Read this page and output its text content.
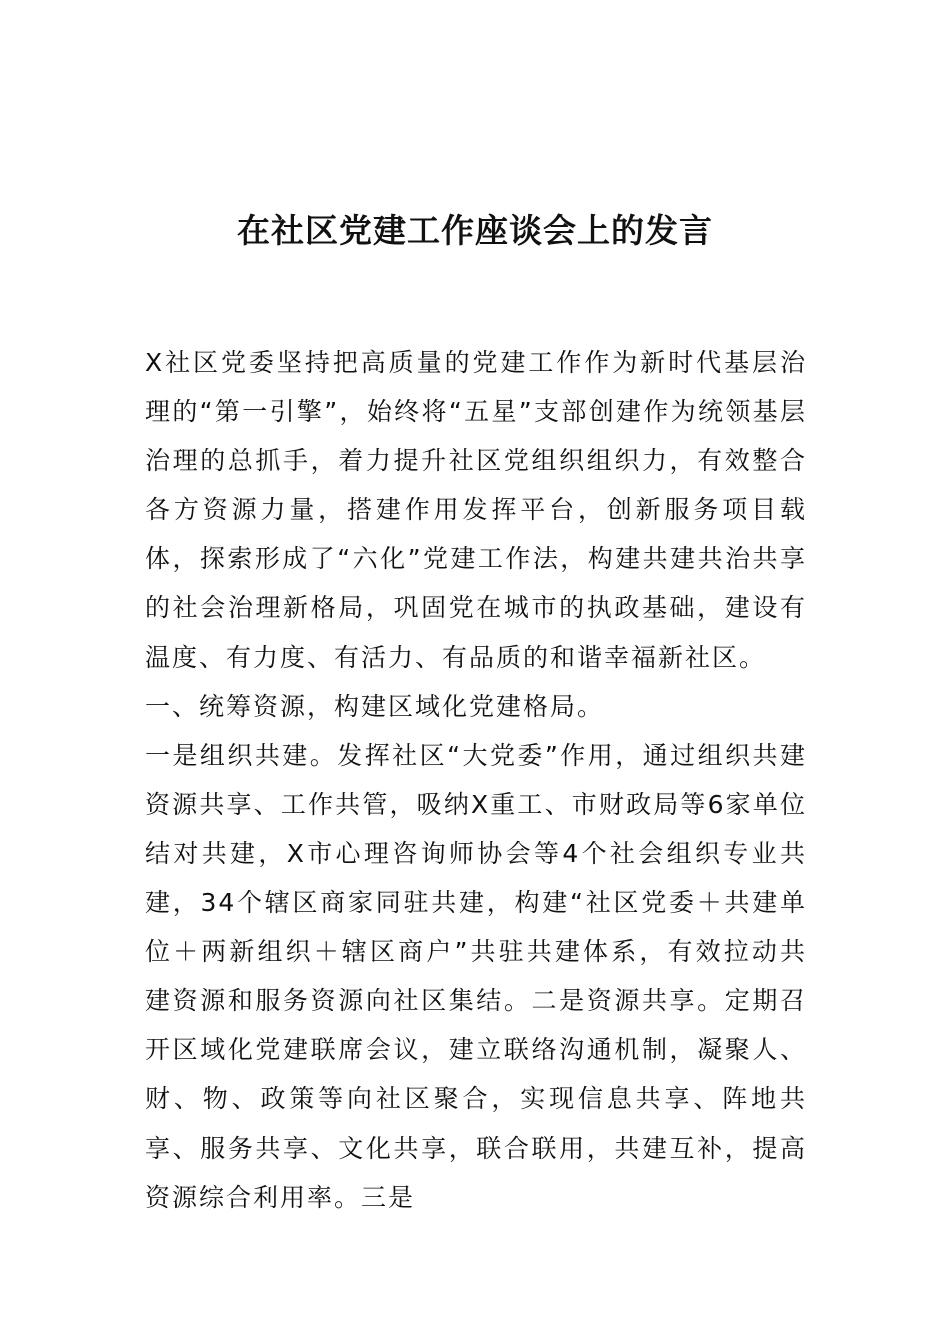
在社区党建工作座谈会上的发言

X社区党委坚持把高质量的党建工作作为新时代基层治理的“第一引擎”，始终将“五星”支部创建作为统领基层治理的总抓手，着力提升社区党组织组织力，有效整合各方资源力量，搭建作用发挥平台，创新服务项目载体，探索形成了“六化”党建工作法，构建共建共治共享的社会治理新格局，巩固党在城市的执政基础，建设有温度、有力度、有活力、有品质的和谐幸福新社区。

一、统筹资源，构建区域化党建格局。

一是组织共建。发挥社区“大党委”作用，通过组织共建资源共享、工作共管，吸纳X重工、市财政局等6家单位结对共建，X市心理咨询师协会等4个社会组织专业共建，34个辖区商家同驻共建，构建“社区党委＋共建单位＋两新组织＋辖区商户”共驻共建体系，有效拉动共建资源和服务资源向社区集结。二是资源共享。定期召开区域化党建联席会议，建立联络沟通机制，凝聚人、财、物、政策等向社区聚合，实现信息共享、阵地共享、服务共享、文化共享，联合联用，共建互补，提高资源综合利用率。三是
